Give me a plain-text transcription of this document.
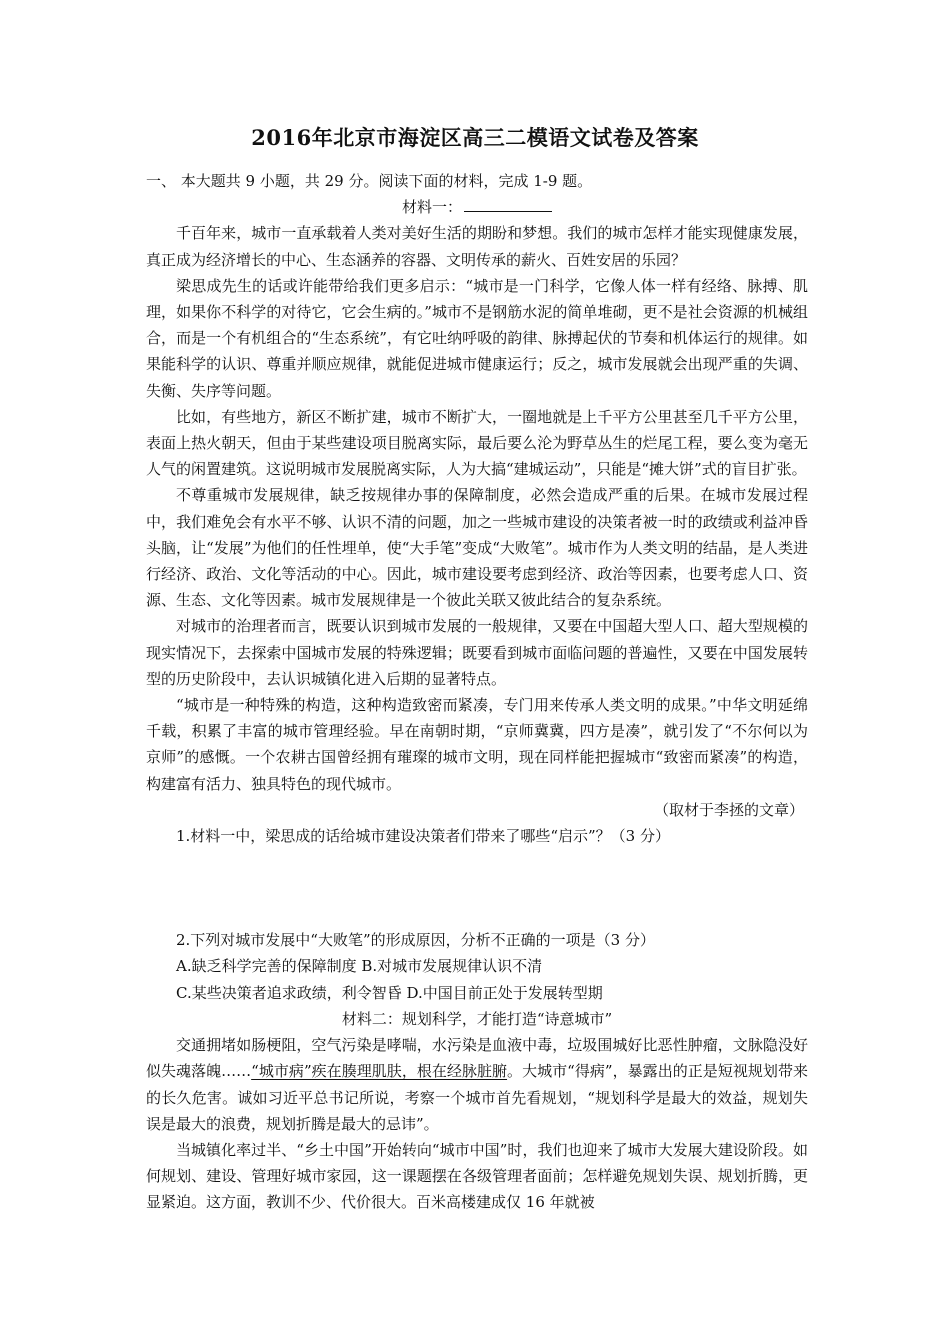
2016年北京市海淀区高三二模语文试卷及答案

一、 本大题共 9 小题，共 29 分。阅读下面的材料，完成 1-9 题。

材料一：

千百年来，城市一直承载着人类对美好生活的期盼和梦想。我们的城市怎样才能实现健康发展，真正成为经济增长的中心、生态涵养的容器、文明传承的薪火、百姓安居的乐园？

梁思成先生的话或许能带给我们更多启示：“城市是一门科学，它像人体一样有经络、脉搏、肌理，如果你不科学的对待它，它会生病的。”城市不是钢筋水泥的简单堆砌，更不是社会资源的机械组合，而是一个有机组合的“生态系统”，有它吐纳呼吸的韵律、脉搏起伏的节奏和机体运行的规律。如果能科学的认识、尊重并顺应规律，就能促进城市健康运行；反之，城市发展就会出现严重的失调、失衡、失序等问题。

比如，有些地方，新区不断扩建，城市不断扩大，一圈地就是上千平方公里甚至几千平方公里，表面上热火朝天，但由于某些建设项目脱离实际，最后要么沦为野草丛生的烂尾工程，要么变为毫无人气的闲置建筑。这说明城市发展脱离实际，人为大搞“建城运动”，只能是“摊大饼”式的盲目扩张。

不尊重城市发展规律，缺乏按规律办事的保障制度，必然会造成严重的后果。在城市发展过程中，我们难免会有水平不够、认识不清的问题，加之一些城市建设的决策者被一时的政绩或利益冲昏头脑，让“发展”为他们的任性埋单，使“大手笔”变成“大败笔”。城市作为人类文明的结晶，是人类进行经济、政治、文化等活动的中心。因此，城市建设要考虑到经济、政治等因素，也要考虑人口、资源、生态、文化等因素。城市发展规律是一个彼此关联又彼此结合的复杂系统。

对城市的治理者而言，既要认识到城市发展的一般规律，又要在中国超大型人口、超大型规模的现实情况下，去探索中国城市发展的特殊逻辑；既要看到城市面临问题的普遍性，又要在中国发展转型的历史阶段中，去认识城镇化进入后期的显著特点。

“城市是一种特殊的构造，这种构造致密而紧凑，专门用来传承人类文明的成果。”中华文明延绵千载，积累了丰富的城市管理经验。早在南朝时期，“京师冀冀，四方是凑”，就引发了“不尔何以为京师”的感慨。一个农耕古国曾经拥有璀璨的城市文明，现在同样能把握城市“致密而紧凑”的构造，构建富有活力、独具特色的现代城市。

（取材于李拯的文章）

1.材料一中，梁思成的话给城市建设决策者们带来了哪些“启示”？（3 分）

2.下列对城市发展中“大败笔”的形成原因，分析不正确的一项是（3 分）

A.缺乏科学完善的保障制度 B.对城市发展规律认识不清

C.某些决策者追求政绩，利令智昏 D.中国目前正处于发展转型期

材料二：规划科学，才能打造“诗意城市”

交通拥堵如肠梗阻，空气污染是哮喘，水污染是血液中毒，垃圾围城好比恶性肿瘤，文脉隐没好似失魂落魄……“城市病”疾在腠理肌肤，根在经脉脏腑。大城市“得病”，暴露出的正是短视规划带来的长久危害。诚如习近平总书记所说，考察一个城市首先看规划，“规划科学是最大的效益，规划失误是最大的浪费，规划折腾是最大的忌讳”。

当城镇化率过半、“乡土中国”开始转向“城市中国”时，我们也迎来了城市大发展大建设阶段。如何规划、建设、管理好城市家园，这一课题摆在各级管理者面前；怎样避免规划失误、规划折腾，更显紧迫。这方面，教训不少、代价很大。百米高楼建成仅 16 年就被
